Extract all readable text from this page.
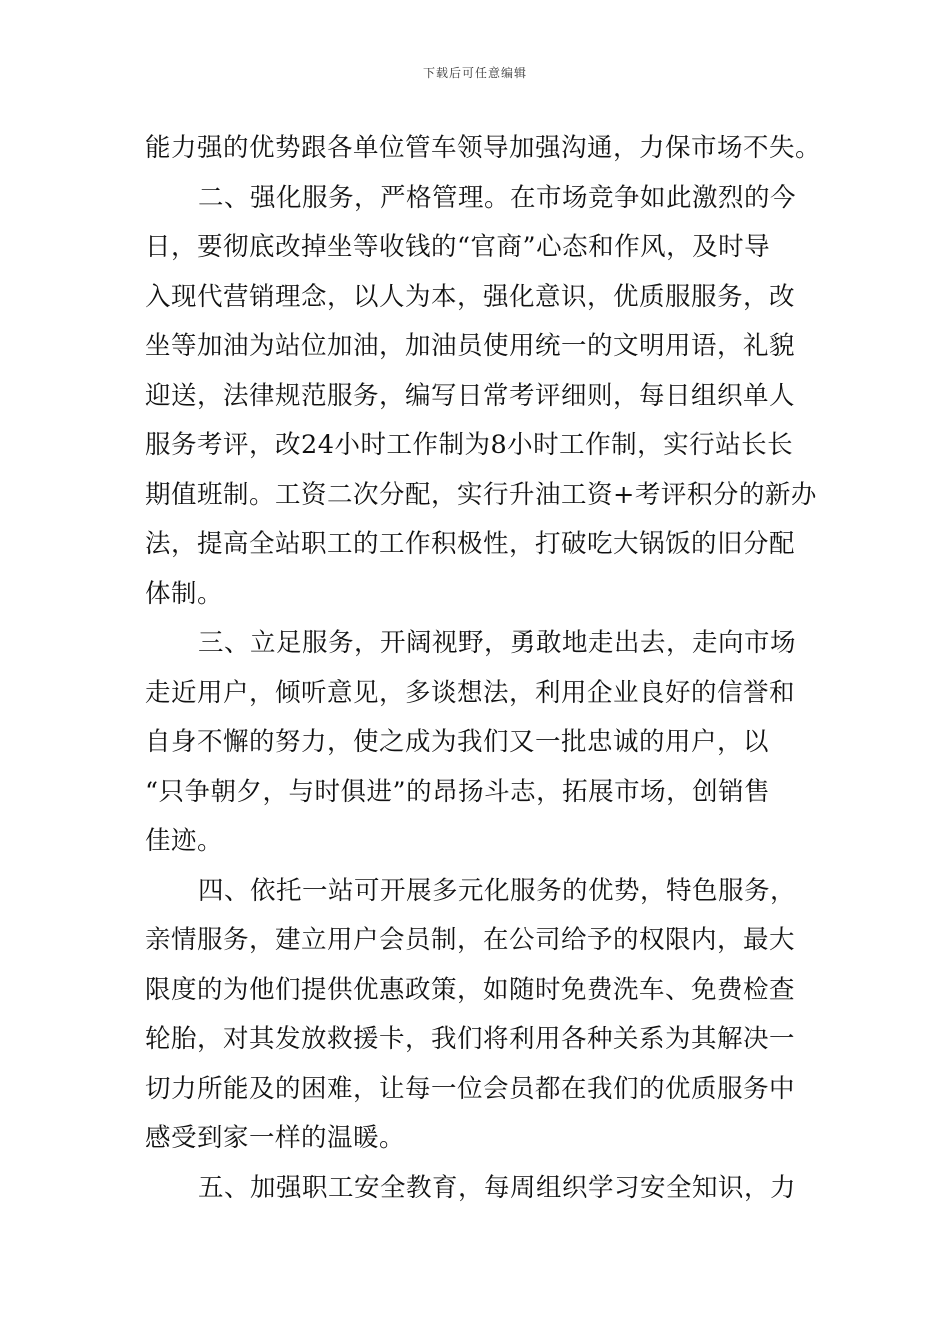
下载后可任意编辑
能力强的优势跟各单位管车领导加强沟通，力保市场不失。
二、强化服务，严格管理。在市场竞争如此激烈的今
日，要彻底改掉坐等收钱的“官商”心态和作风，及时导
入现代营销理念，以人为本，强化意识，优质服服务，改
坐等加油为站位加油，加油员使用统一的文明用语，礼貌
迎送，法律规范服务，编写日常考评细则，每日组织单人
服务考评，改24小时工作制为8小时工作制，实行站长长
期值班制。工资二次分配，实行升油工资+考评积分的新办
法，提高全站职工的工作积极性，打破吃大锅饭的旧分配
体制。
三、立足服务，开阔视野，勇敢地走出去，走向市场
走近用户，倾听意见，多谈想法，利用企业良好的信誉和
自身不懈的努力，使之成为我们又一批忠诚的用户，以
“只争朝夕，与时俱进”的昂扬斗志，拓展市场，创销售
佳迹。
四、依托一站可开展多元化服务的优势，特色服务，
亲情服务，建立用户会员制，在公司给予的权限内，最大
限度的为他们提供优惠政策，如随时免费洗车、免费检查
轮胎，对其发放救援卡，我们将利用各种关系为其解决一
切力所能及的困难，让每一位会员都在我们的优质服务中
感受到家一样的温暖。
五、加强职工安全教育，每周组织学习安全知识，力
